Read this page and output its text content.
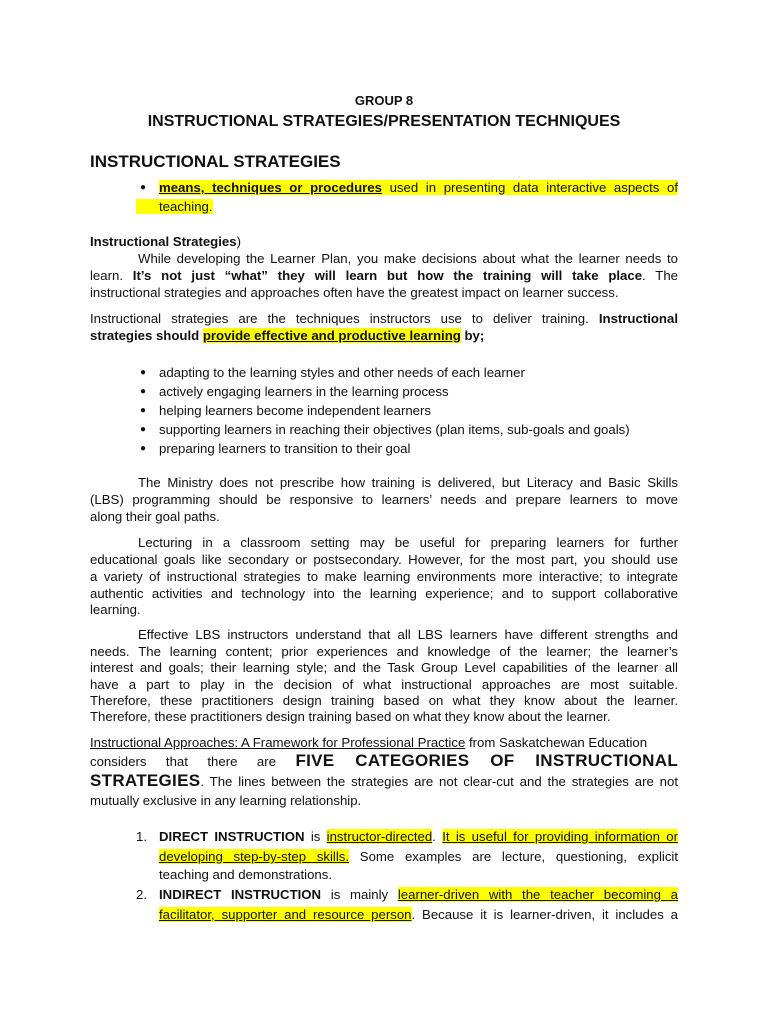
GROUP 8
INSTRUCTIONAL STRATEGIES/PRESENTATION TECHNIQUES
INSTRUCTIONAL STRATEGIES
● means, techniques or procedures used in presenting data interactive aspects of
teaching.
Instructional Strategies)
While developing the Learner Plan, you make decisions about what the learner needs to
learn. It’s not just “what” they will learn but how the training will take place. The
instructional strategies and approaches often have the greatest impact on learner success.
Instructional strategies are the techniques instructors use to deliver training. Instructional
strategies should provide effective and productive learning by;
● adapting to the learning styles and other needs of each learner
● actively engaging learners in the learning process
● helping learners become independent learners
● supporting learners in reaching their objectives (plan items, sub-goals and goals)
● preparing learners to transition to their goal
The Ministry does not prescribe how training is delivered, but Literacy and Basic Skills
(LBS) programming should be responsive to learners’ needs and prepare learners to move
along their goal paths.
Lecturing in a classroom setting may be useful for preparing learners for further
educational goals like secondary or postsecondary. However, for the most part, you should use
a variety of instructional strategies to make learning environments more interactive; to integrate
authentic activities and technology into the learning experience; and to support collaborative
learning.
Effective LBS instructors understand that all LBS learners have different strengths and
needs. The learning content; prior experiences and knowledge of the learner; the learner’s
interest and goals; their learning style; and the Task Group Level capabilities of the learner all
have a part to play in the decision of what instructional approaches are most suitable.
Therefore, these practitioners design training based on what they know about the learner.
Therefore, these practitioners design training based on what they know about the learner.
Instructional Approaches: A Framework for Professional Practice from Saskatchewan Education
considers that there are FIVE CATEGORIES OF INSTRUCTIONAL
STRATEGIES. The lines between the strategies are not clear-cut and the strategies are not
mutually exclusive in any learning relationship.
1. DIRECT INSTRUCTION is instructor-directed. It is useful for providing information or
developing step-by-step skills. Some examples are lecture, questioning, explicit
teaching and demonstrations.
2. INDIRECT INSTRUCTION is mainly learner-driven with the teacher becoming a
facilitator, supporter and resource person. Because it is learner-driven, it includes a
